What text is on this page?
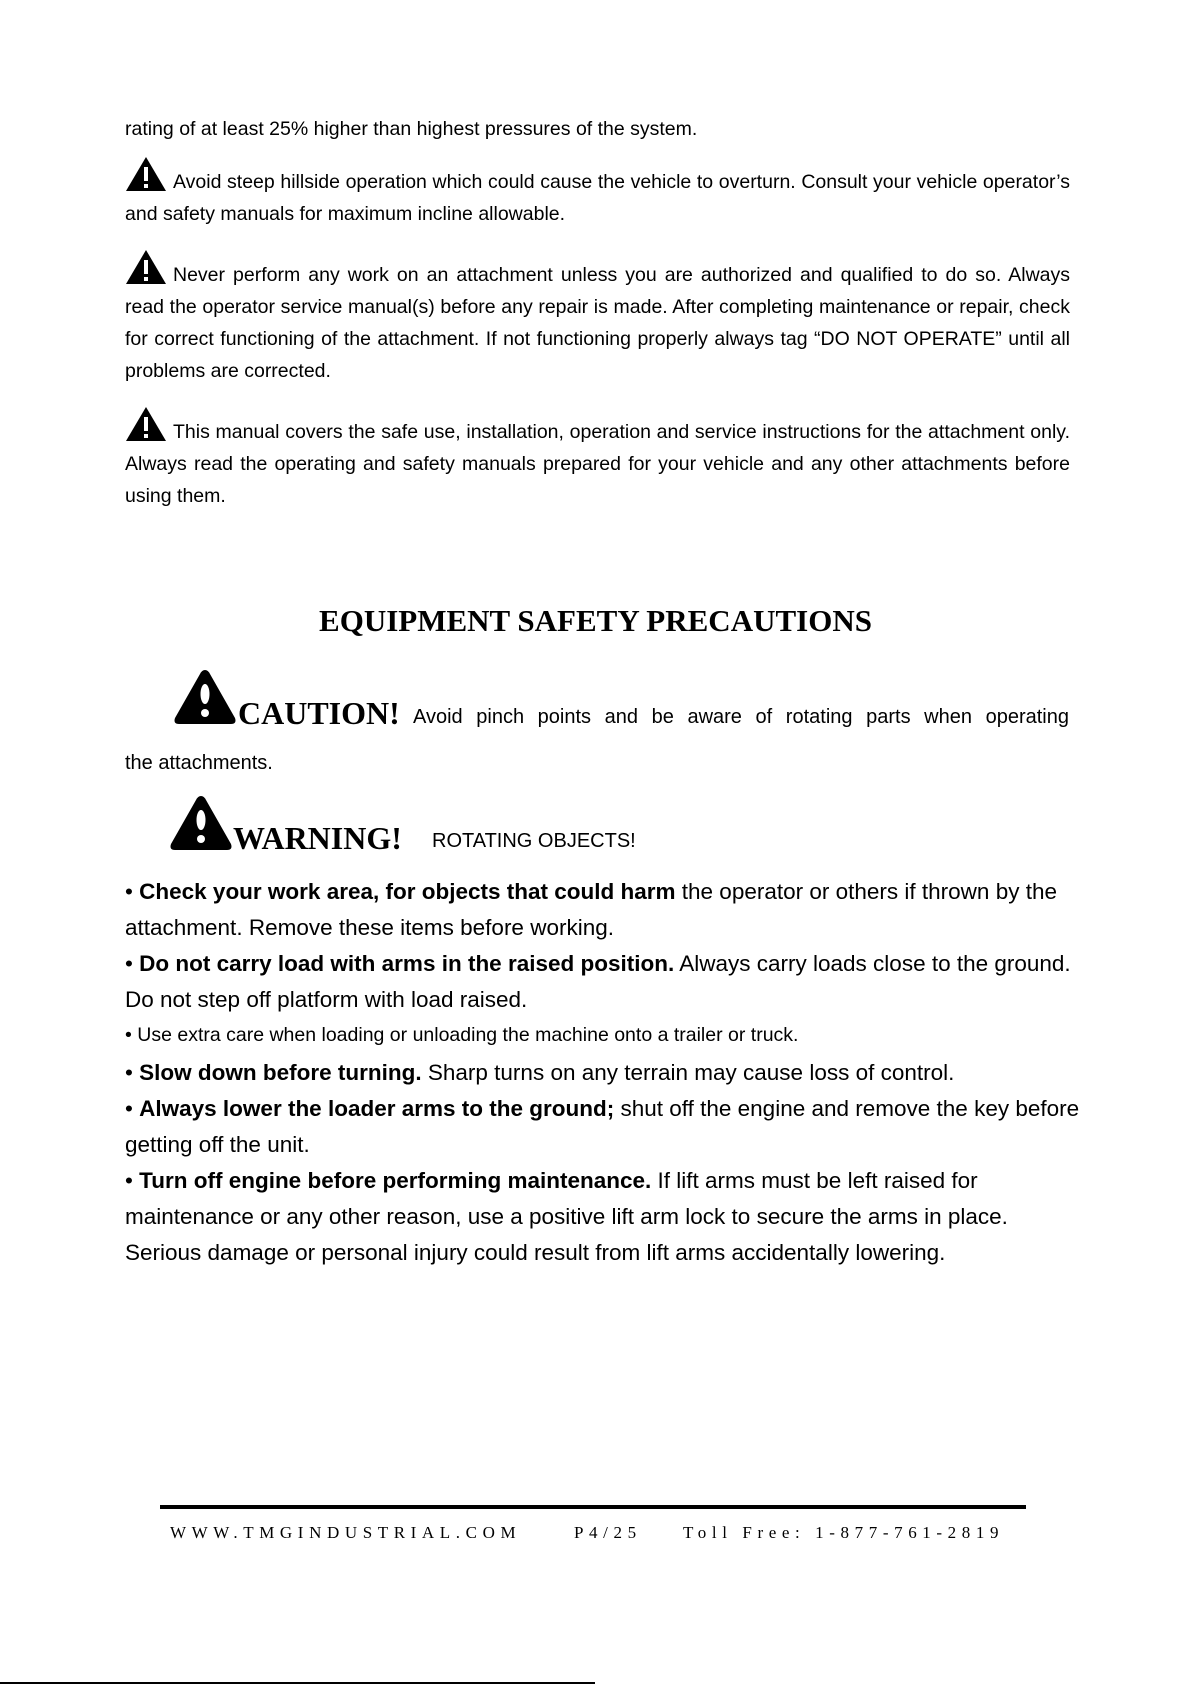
rating of at least 25% higher than highest pressures of the system.
Avoid steep hillside operation which could cause the vehicle to overturn. Consult your vehicle operator’s and safety manuals for maximum incline allowable.
Never perform any work on an attachment unless you are authorized and qualified to do so. Always read the operator service manual(s) before any repair is made. After completing maintenance or repair, check for correct functioning of the attachment. If not functioning properly always tag “DO NOT OPERATE” until all problems are corrected.
This manual covers the safe use, installation, operation and service instructions for the attachment only. Always read the operating and safety manuals prepared for your vehicle and any other attachments before using them.
EQUIPMENT SAFETY PRECAUTIONS
CAUTION! Avoid pinch points and be aware of rotating parts when operating
the attachments.
WARNING! ROTATING OBJECTS!
• Check your work area, for objects that could harm the operator or others if thrown by the attachment. Remove these items before working.
• Do not carry load with arms in the raised position. Always carry loads close to the ground. Do not step off platform with load raised.
• Use extra care when loading or unloading the machine onto a trailer or truck.
• Slow down before turning. Sharp turns on any terrain may cause loss of control.
• Always lower the loader arms to the ground; shut off the engine and remove the key before getting off the unit.
• Turn off engine before performing maintenance. If lift arms must be left raised for maintenance or any other reason, use a positive lift arm lock to secure the arms in place. Serious damage or personal injury could result from lift arms accidentally lowering.
WWW.TMGINDUSTRIAL.COM	P4/25 Toll Free: 1-877-761-2819
